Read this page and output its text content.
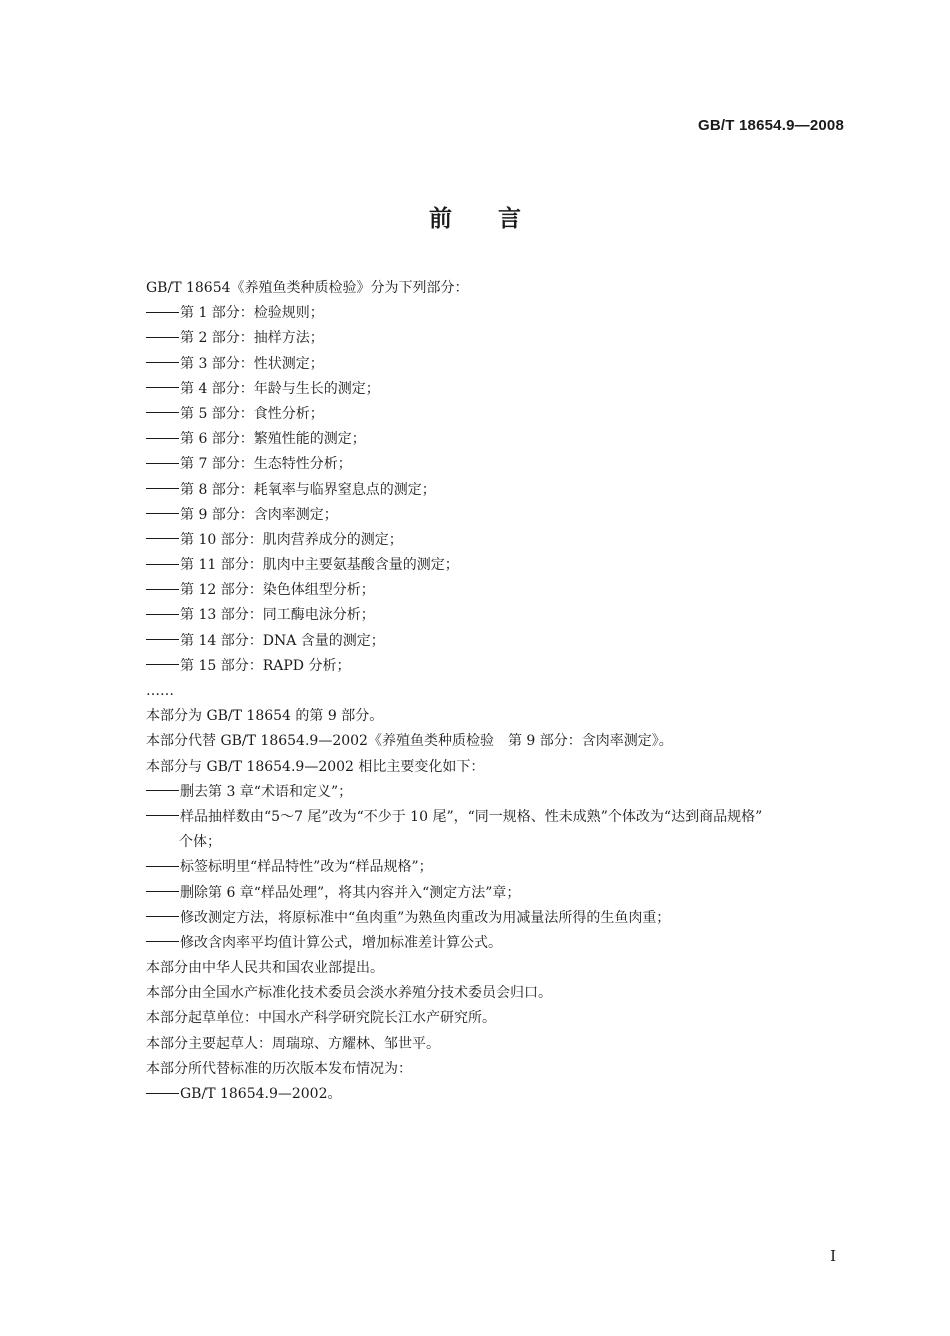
GB/T 18654.9—2008
前言
GB/T 18654《养殖鱼类种质检验》分为下列部分：
第 1 部分：检验规则；
第 2 部分：抽样方法；
第 3 部分：性状测定；
第 4 部分：年龄与生长的测定；
第 5 部分：食性分析；
第 6 部分：繁殖性能的测定；
第 7 部分：生态特性分析；
第 8 部分：耗氧率与临界窒息点的测定；
第 9 部分：含肉率测定；
第 10 部分：肌肉营养成分的测定；
第 11 部分：肌肉中主要氨基酸含量的测定；
第 12 部分：染色体组型分析；
第 13 部分：同工酶电泳分析；
第 14 部分：DNA 含量的测定；
第 15 部分：RAPD 分析；
……
本部分为 GB/T 18654 的第 9 部分。
本部分代替 GB/T 18654.9—2002《养殖鱼类种质检验　第 9 部分：含肉率测定》。
本部分与 GB/T 18654.9—2002 相比主要变化如下：
删去第 3 章“术语和定义”；
样品抽样数由“5～7 尾”改为“不少于 10 尾”，“同一规格、性未成熟”个体改为“达到商品规格”
个体；
标签标明里“样品特性”改为“样品规格”；
删除第 6 章“样品处理”，将其内容并入“测定方法”章；
修改测定方法，将原标准中“鱼肉重”为熟鱼肉重改为用减量法所得的生鱼肉重；
修改含肉率平均值计算公式，增加标准差计算公式。
本部分由中华人民共和国农业部提出。
本部分由全国水产标准化技术委员会淡水养殖分技术委员会归口。
本部分起草单位：中国水产科学研究院长江水产研究所。
本部分主要起草人：周瑞琼、方耀林、邹世平。
本部分所代替标准的历次版本发布情况为：
GB/T 18654.9—2002。
I
